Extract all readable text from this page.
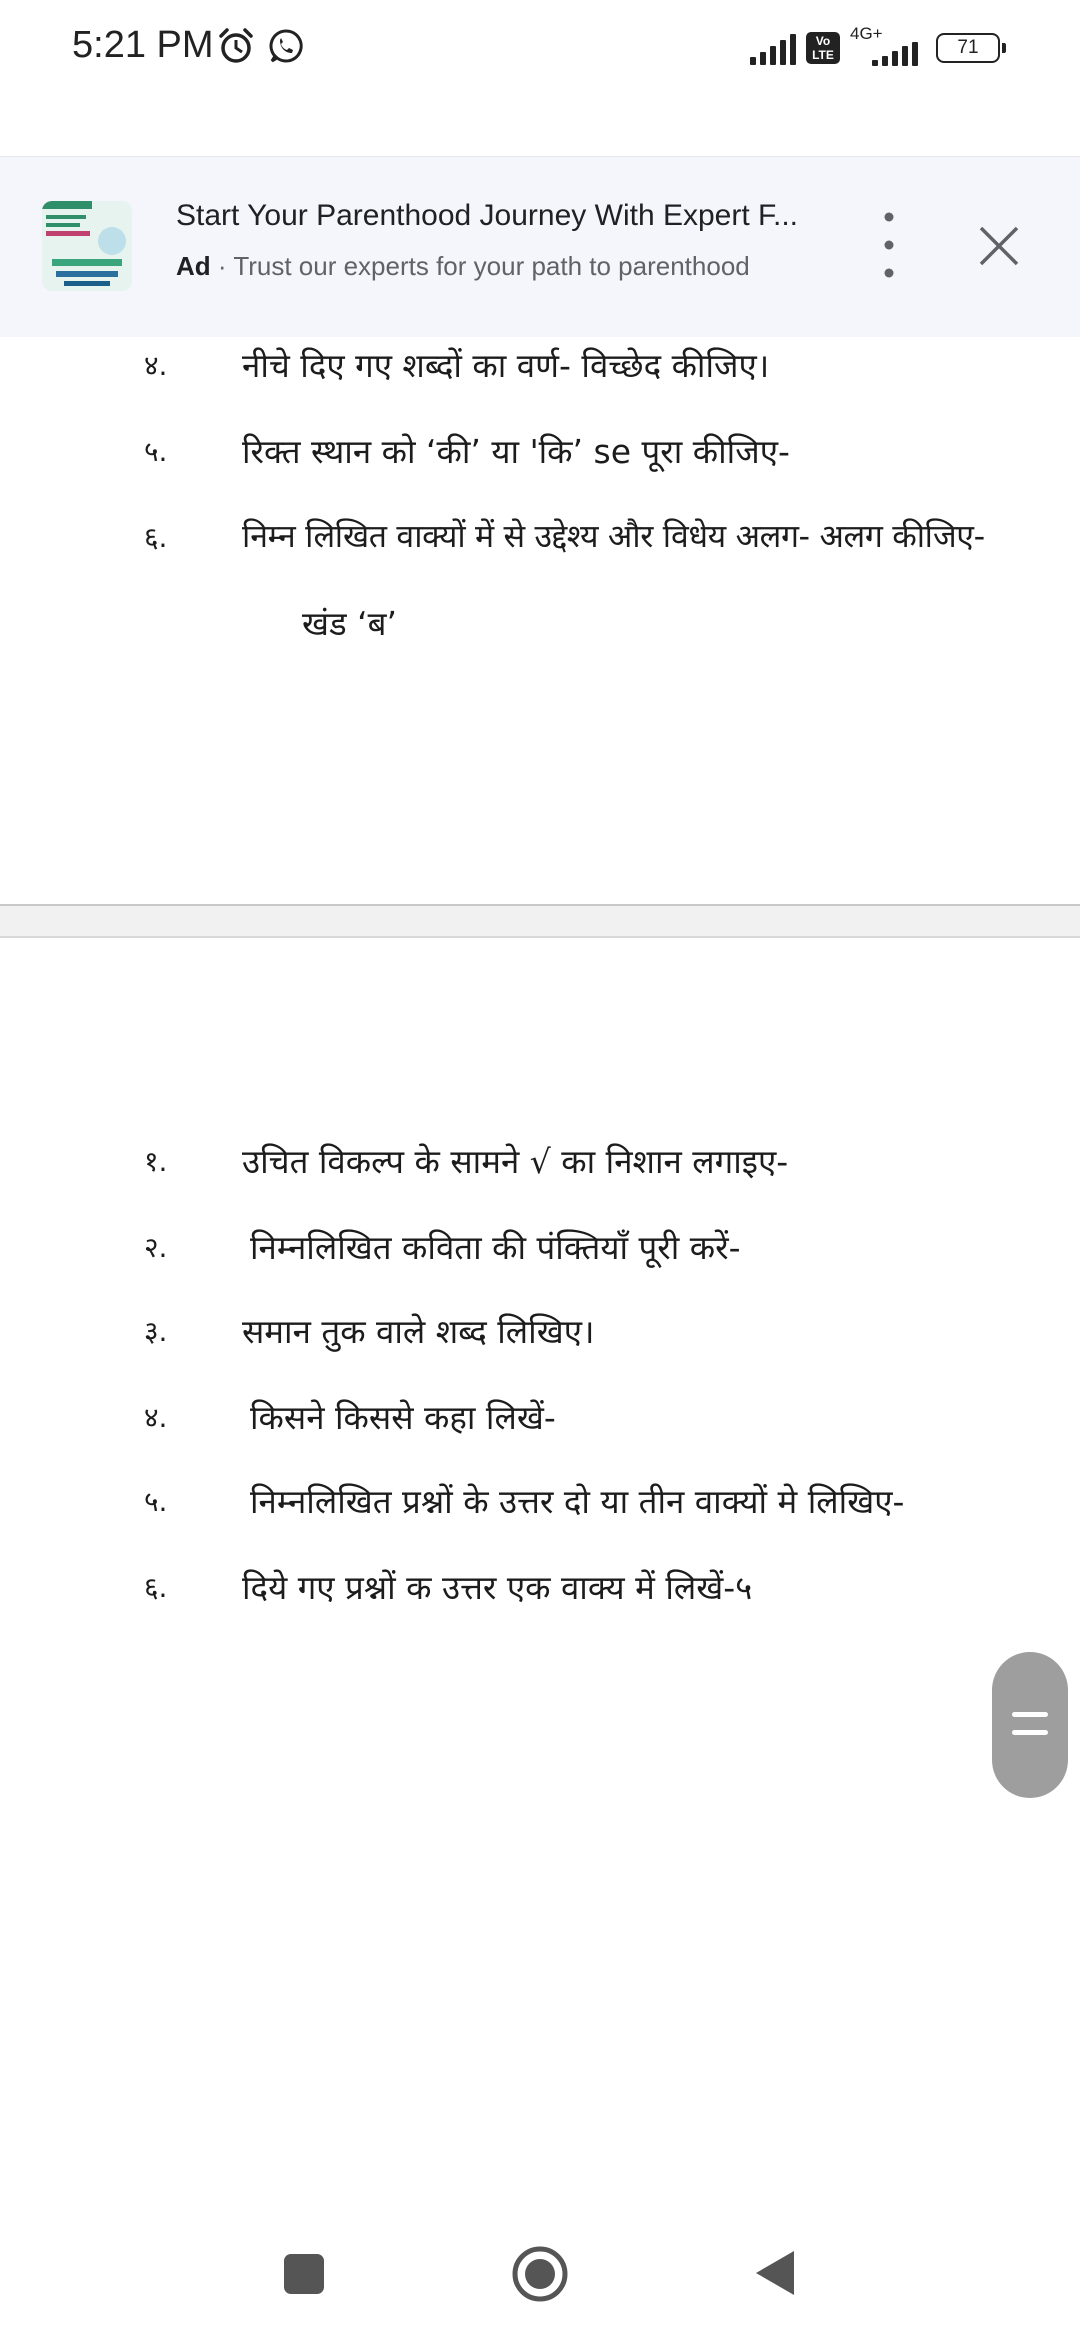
5:21 PM	Vo LTE
4G+
71
Start Your Parenthood Journey With Expert F...
Ad · Trust our experts for your path to parenthood
४. नीचे दिए गए शब्दों का वर्ण- विच्छेद कीजिए।
५. रिक्त स्थान को ‘की’ या 'कि’ se पूरा कीजिए-
६. निम्न लिखित वाक्यों में से उद्देश्य और विधेय अलग- अलग कीजिए-
खंड ‘ब’
१. उचित विकल्प के सामने √ का निशान लगाइए-
२.	निम्नलिखित कविता की पंक्तियाँ पूरी करें-
३. समान तुक वाले शब्द लिखिए।
४.	किसने किससे कहा लिखें-
५.	निम्नलिखित प्रश्नों के उत्तर दो या तीन वाक्यों मे लिखिए-
६. दिये गए प्रश्नों क उत्तर एक वाक्य में लिखें-५
